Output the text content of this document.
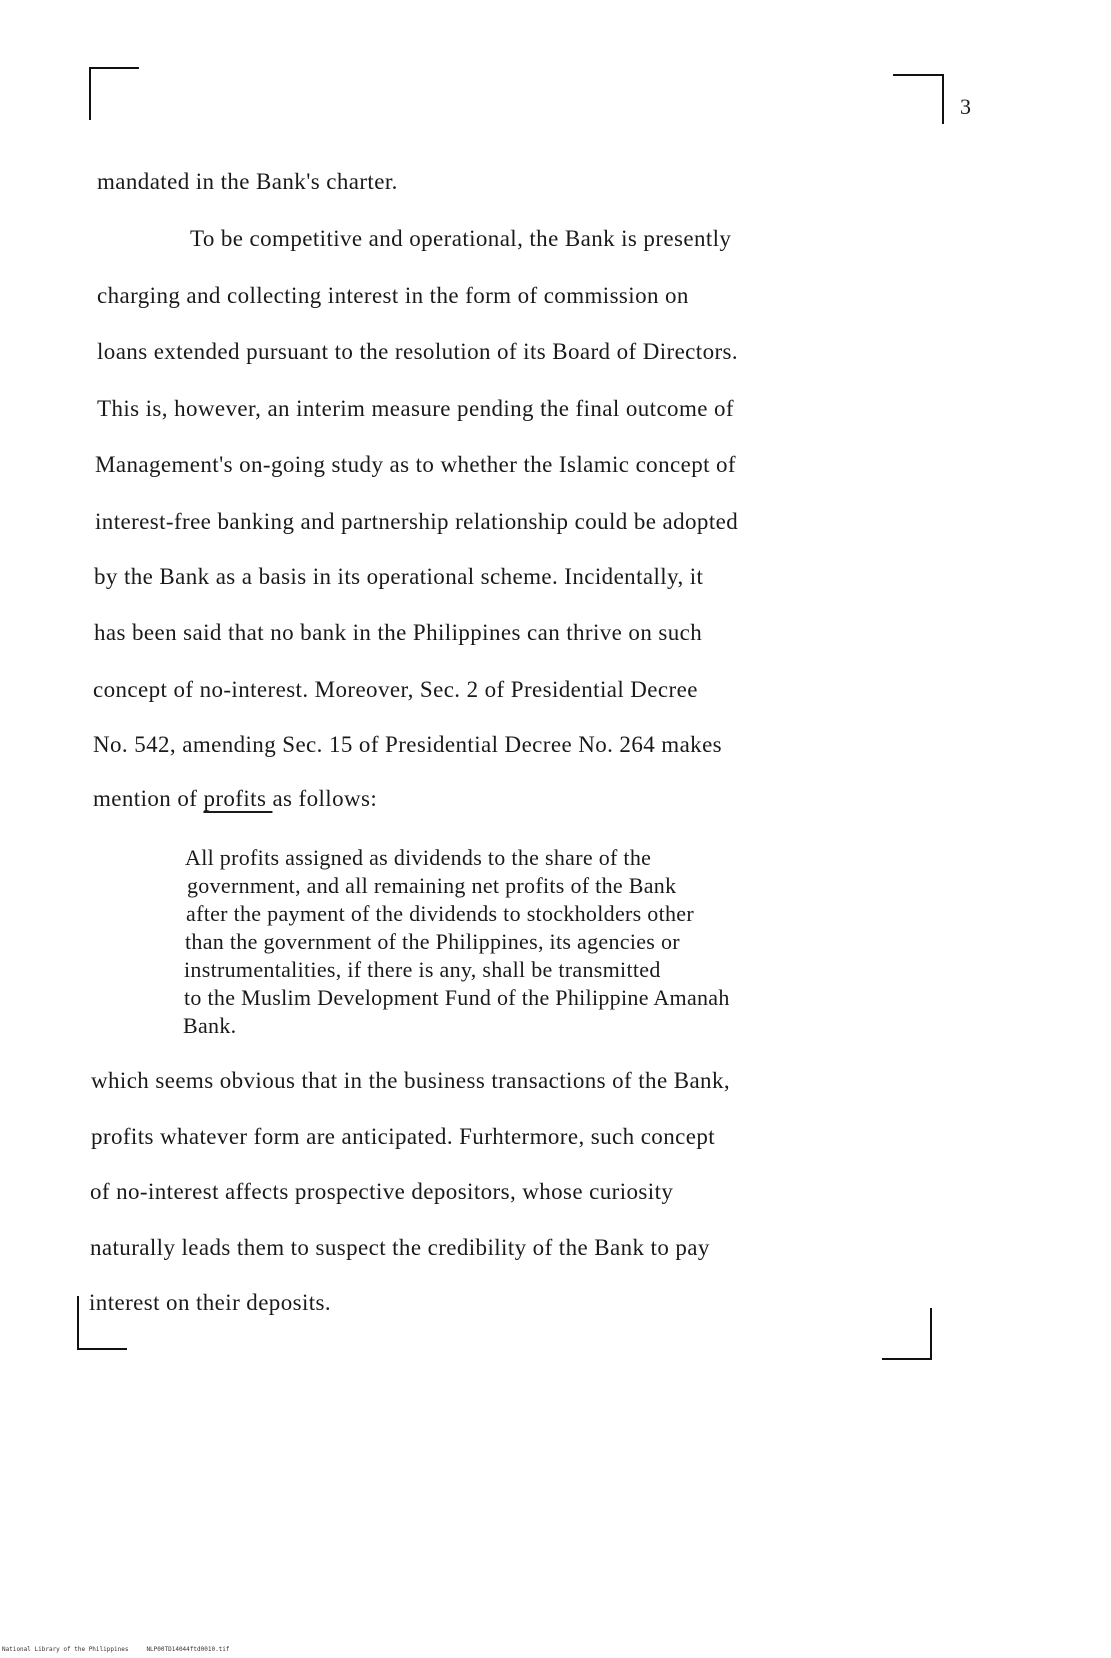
3
mandated in the Bank's charter.
To be competitive and operational, the Bank is presently
charging and collecting interest in the form of commission on
loans extended pursuant to the resolution of its Board of Directors.
This is, however, an interim measure pending the final outcome of
Management's on-going study as to whether the Islamic concept of
interest-free banking and partnership relationship could be adopted
by the Bank as a basis in its operational scheme. Incidentally, it
has been said that no bank in the Philippines can thrive on such
concept of no-interest. Moreover, Sec. 2 of Presidential Decree
No. 542, amending Sec. 15 of Presidential Decree No. 264 makes
mention of profits as follows:
All profits assigned as dividends to the share of the
government, and all remaining net profits of the Bank
after the payment of the dividends to stockholders other
than the government of the Philippines, its agencies or
instrumentalities, if there is any, shall be transmitted
to the Muslim Development Fund of the Philippine Amanah
Bank.
which seems obvious that in the business transactions of the Bank,
profits whatever form are anticipated. Furhtermore, such concept
of no-interest affects prospective depositors, whose curiosity
naturally leads them to suspect the credibility of the Bank to pay
interest on their deposits.
National Library of the Philippines	NLP00TD14044ftd0010.tif
